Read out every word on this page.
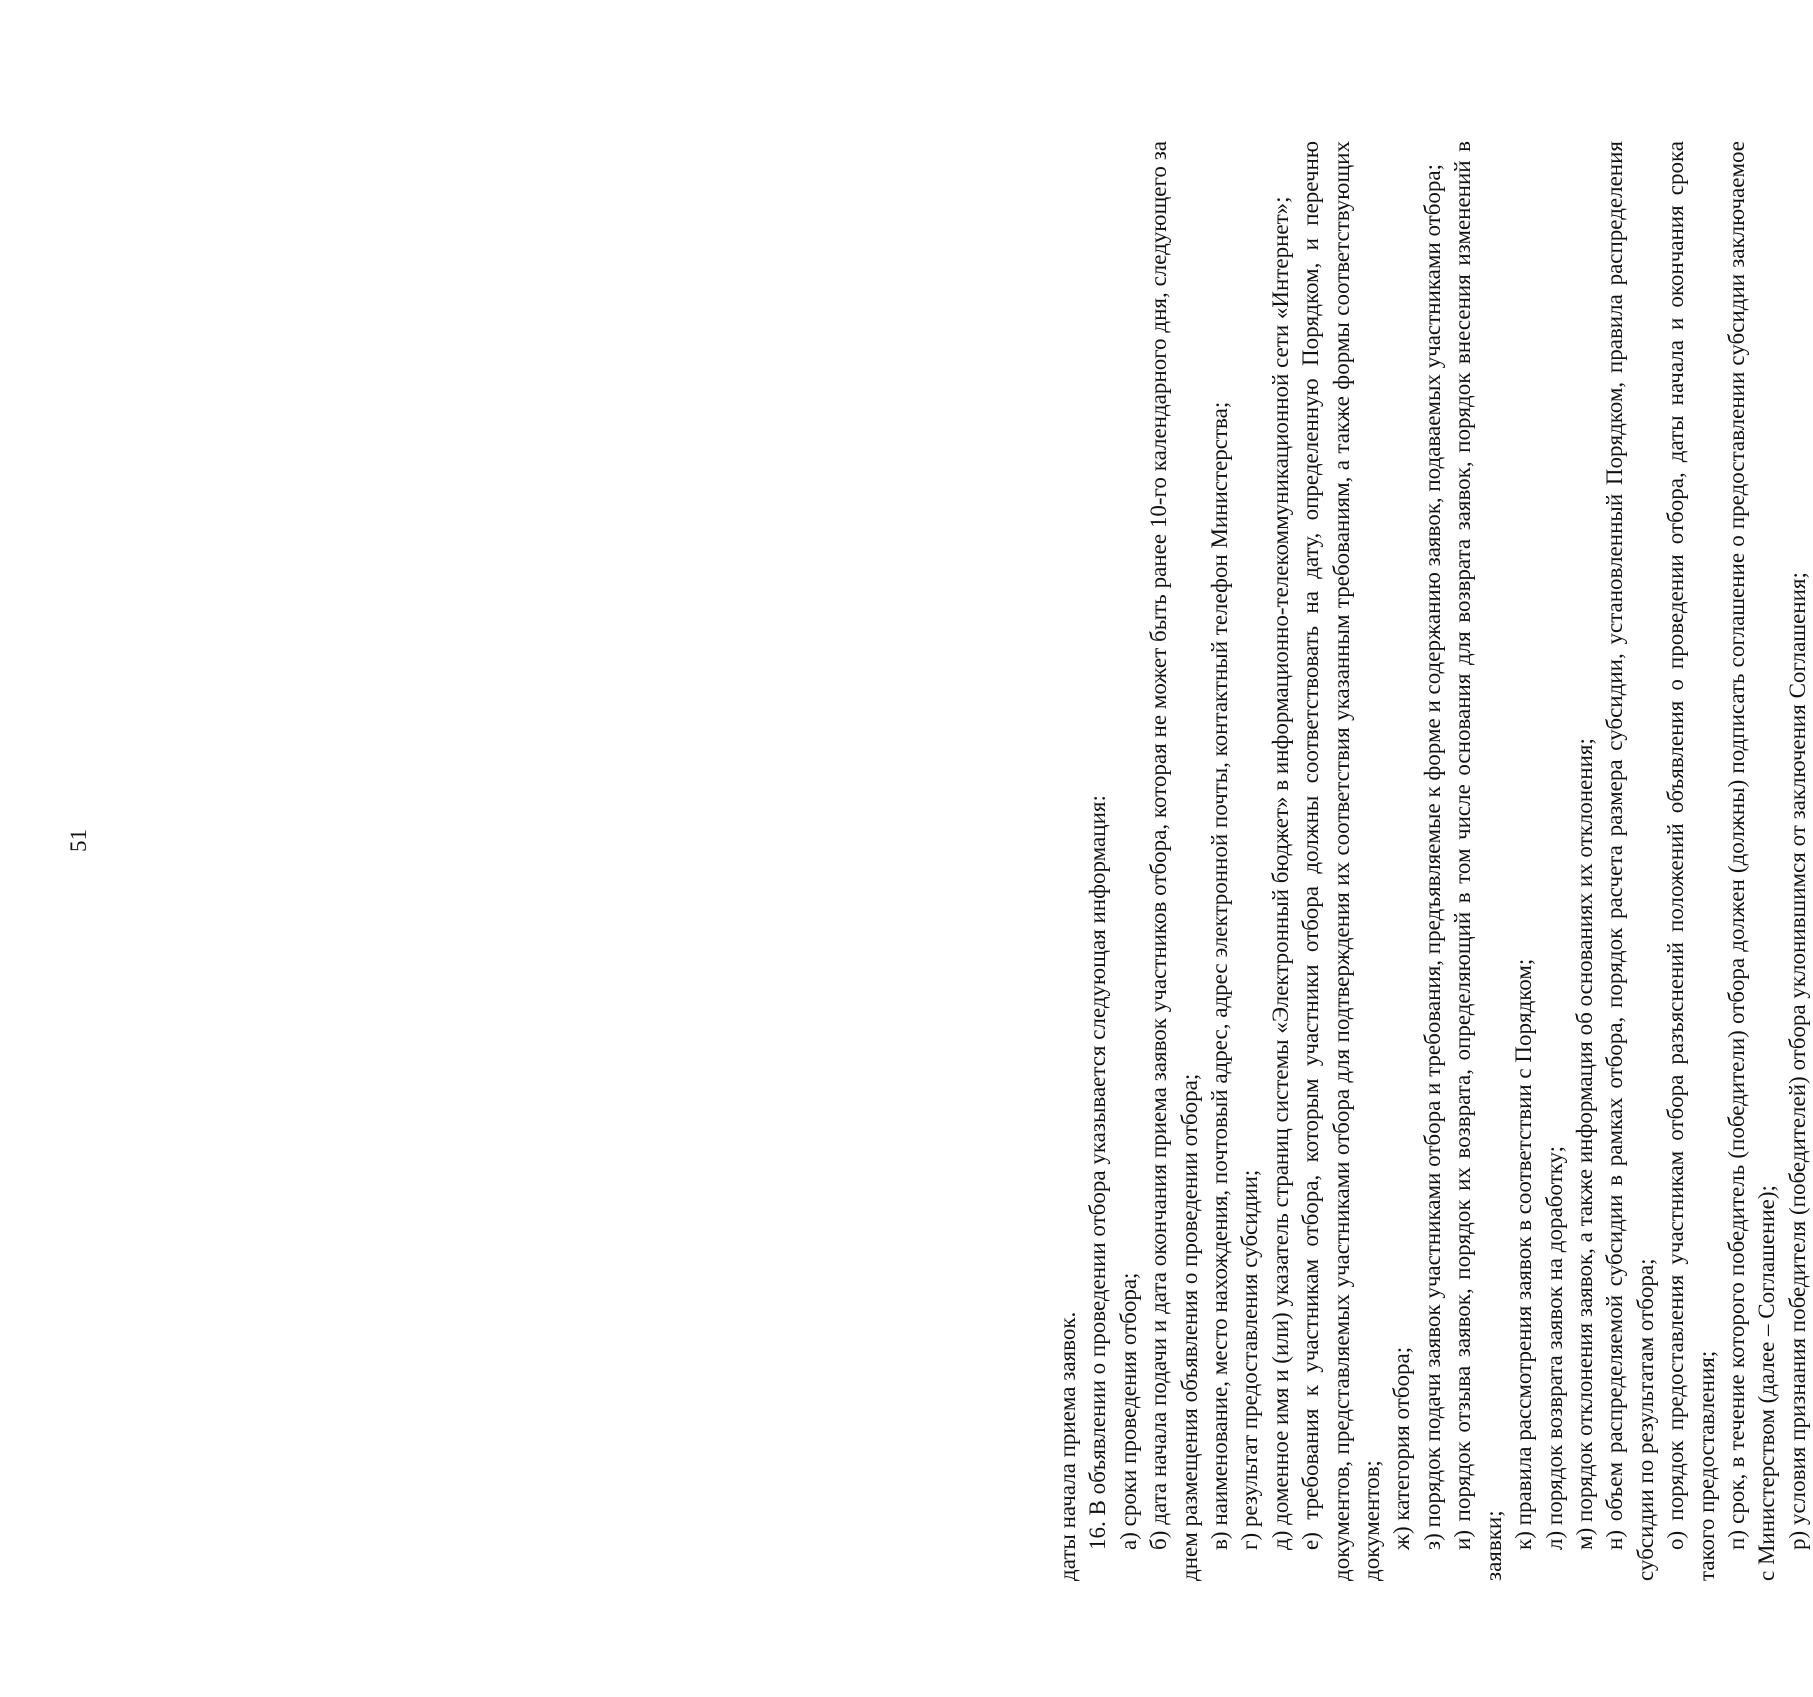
51

даты начала приема заявок. 16. В объявлении о проведении отбора указывается следующая информация: а) сроки проведения отбора; б) дата начала подачи и дата окончания приема заявок участников отбора, которая не может быть ранее 10-го календарного дня, следующего за днем размещения объявления о проведении отбора; в) наименование, место нахождения, почтовый адрес, адрес электронной почты, контактный телефон Министерства; г) результат предоставления субсидии; д) доменное имя и (или) указатель страниц системы «Электронный бюджет» в информационно-телекоммуникационной сети «Интернет»; е) требования к участникам отбора, которым участники отбора должны соответствовать на дату, определенную Порядком, и перечню документов, представляемых участниками отбора для подтверждения их соответствия указанным требованиям, а также формы соответствующих документов; ж) категория отбора; з) порядок подачи заявок участниками отбора и требования, предъявляемые к форме и содержанию заявок, подаваемых участниками отбора; и) порядок отзыва заявок, порядок их возврата, определяющий в том числе основания для возврата заявок, порядок внесения изменений в заявки; к) правила рассмотрения заявок в соответствии с Порядком; л) порядок возврата заявок на доработку; м) порядок отклонения заявок, а также информация об основаниях их отклонения; н) объем распределяемой субсидии в рамках отбора, порядок расчета размера субсидии, установленный Порядком, правила распределения субсидии по результатам отбора; о) порядок предоставления участникам отбора разъяснений положений объявления о проведении отбора, даты начала и окончания срока такого предоставления; п) срок, в течение которого победитель (победители) отбора должен (должны) подписать соглашение о предоставлении субсидии заключаемое с Министерством (далее – Соглашение); р) условия признания победителя (победителей) отбора уклонившимся от заключения Соглашения;
